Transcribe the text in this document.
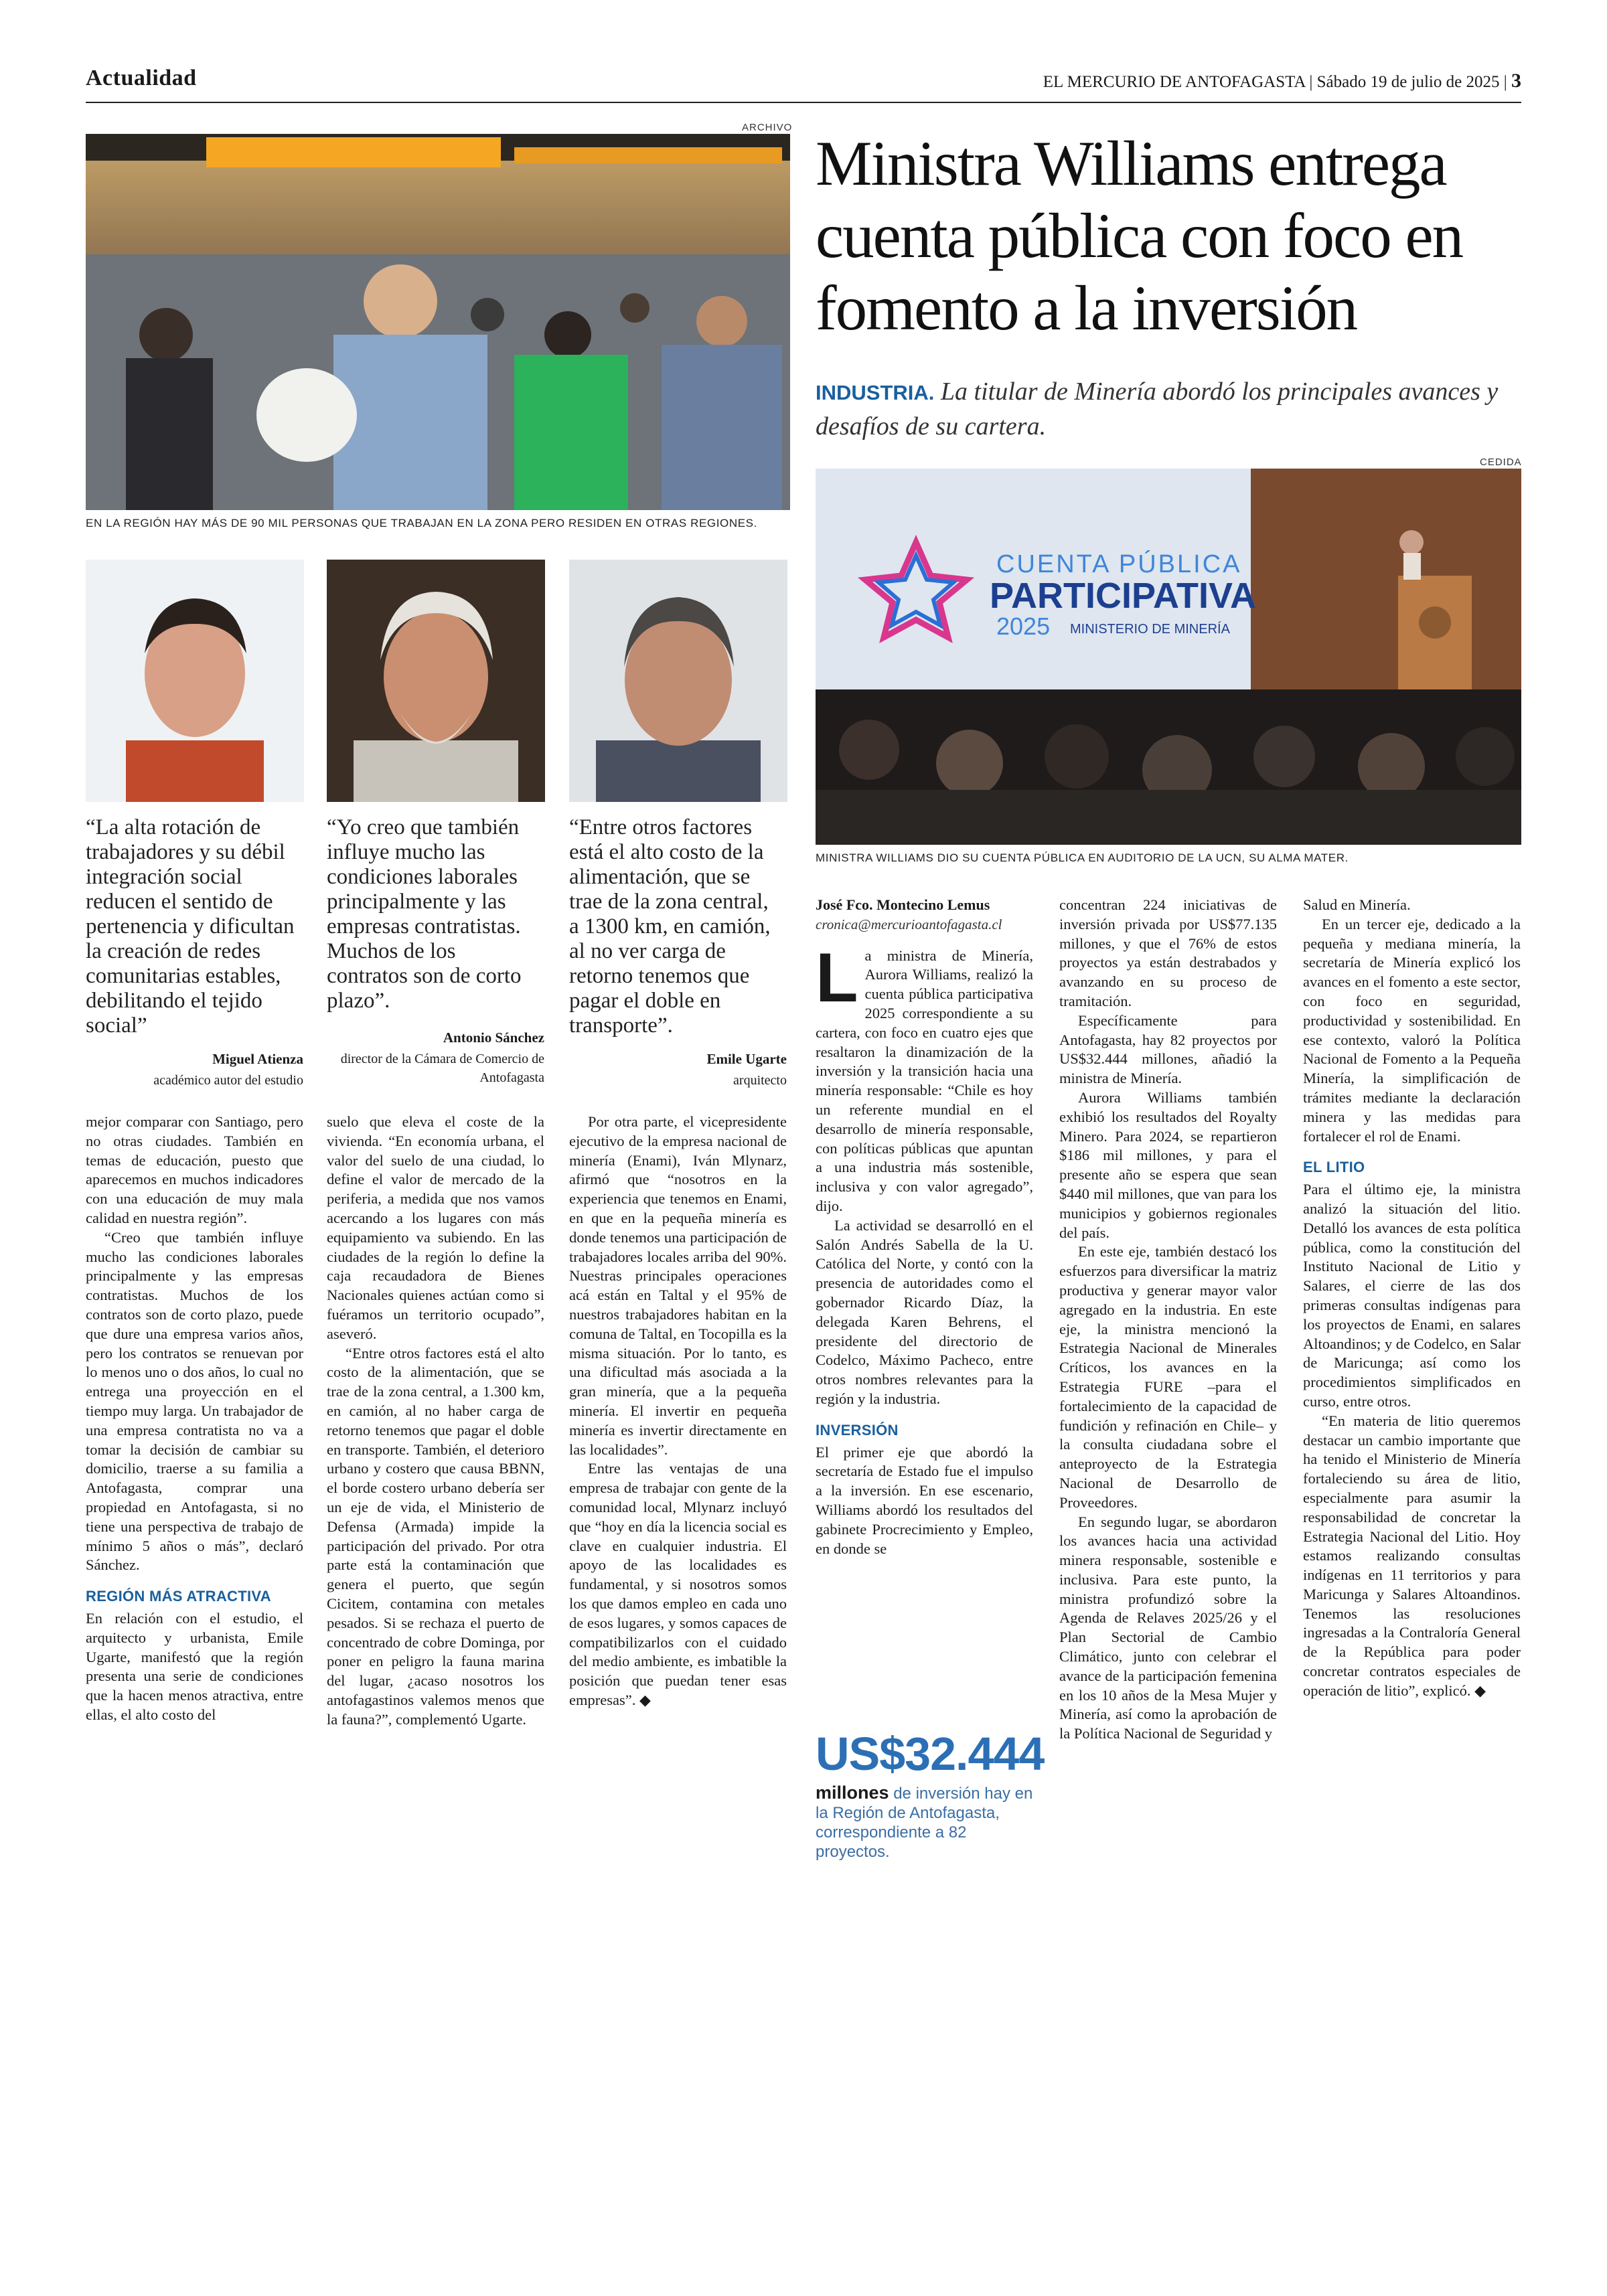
Actualidad	EL MERCURIO DE ANTOFAGASTA | Sábado 19 de julio de 2025 | 3
ARCHIVO
EN LA REGIÓN HAY MÁS DE 90 MIL PERSONAS QUE TRABAJAN EN LA ZONA PERO RESIDEN EN OTRAS REGIONES.
Ministra Williams entrega cuenta pública con foco en fomento a la inversión
INDUSTRIA. La titular de Minería abordó los principales avances y desafíos de su cartera.
CEDIDA
CUENTA PÚBLICA
PARTICIPATIVA
2025 MINISTERIO DE MINERÍA
MINISTRA WILLIAMS DIO SU CUENTA PÚBLICA EN AUDITORIO DE LA UCN, SU ALMA MATER.
“La alta rotación de trabajadores y su débil integración social reducen el sentido de pertenencia y dificultan la creación de redes comunitarias estables, debilitando el tejido social”
Miguel Atienza
académico autor del estudio
“Yo creo que también influye mucho las condiciones laborales principalmente y las empresas contratistas. Muchos de los contratos son de corto plazo”.
Antonio Sánchez
director de la Cámara de Comercio de Antofagasta
“Entre otros factores está el alto costo de la alimentación, que se trae de la zona central, a 1300 km, en camión, al no ver carga de retorno tenemos que pagar el doble en transporte”.
Emile Ugarte
arquitecto

mejor comparar con Santiago, pero no otras ciudades. También en temas de educación, puesto que aparecemos en muchos indicadores con una educación de muy mala calidad en nuestra región”.

“Creo que también influye mucho las condiciones laborales principalmente y las empresas contratistas. Muchos de los contratos son de corto plazo, puede que dure una empresa varios años, pero los contratos se renuevan por lo menos uno o dos años, lo cual no entrega una proyección en el tiempo muy larga. Un trabajador de una empresa contratista no va a tomar la decisión de cambiar su domicilio, traerse a su familia a Antofagasta, comprar una propiedad en Antofagasta, si no tiene una perspectiva de trabajo de mínimo 5 años o más”, declaró Sánchez.

REGIÓN MÁS ATRACTIVA

En relación con el estudio, el arquitecto y urbanista, Emile Ugarte, manifestó que la región presenta una serie de condiciones que la hacen menos atractiva, entre ellas, el alto costo del

suelo que eleva el coste de la vivienda. “En economía urbana, el valor del suelo de una ciudad, lo define el valor de mercado de la periferia, a medida que nos vamos acercando a los lugares con más equipamiento va subiendo. En las ciudades de la región lo define la caja recaudadora de Bienes Nacionales quienes actúan como si fuéramos un territorio ocupado”, aseveró.

“Entre otros factores está el alto costo de la alimentación, que se trae de la zona central, a 1.300 km, en camión, al no haber carga de retorno tenemos que pagar el doble en transporte. También, el deterioro urbano y costero que causa BBNN, el borde costero urbano debería ser un eje de vida, el Ministerio de Defensa (Armada) impide la participación del privado. Por otra parte está la contaminación que genera el puerto, que según Cicitem, contamina con metales pesados. Si se rechaza el puerto de concentrado de cobre Dominga, por poner en peligro la fauna marina del lugar, ¿acaso nosotros los antofagastinos valemos menos que la fauna?”, complementó Ugarte.

Por otra parte, el vicepresidente ejecutivo de la empresa nacional de minería (Enami), Iván Mlynarz, afirmó que “nosotros en la experiencia que tenemos en Enami, en que en la pequeña minería es donde tenemos una participación de trabajadores locales arriba del 90%. Nuestras principales operaciones acá están en Taltal y el 95% de nuestros trabajadores habitan en la comuna de Taltal, en Tocopilla es la misma situación. Por lo tanto, es una dificultad más asociada a la gran minería, que a la pequeña minería. El invertir en pequeña minería es invertir directamente en las localidades”.

Entre las ventajas de una empresa de trabajar con gente de la comunidad local, Mlynarz incluyó que “hoy en día la licencia social es clave en cualquier industria. El apoyo de las localidades es fundamental, y si nosotros somos los que damos empleo en cada uno de esos lugares, y somos capaces de compatibilizarlos con el cuidado del medio ambiente, es imbatible la posición que puedan tener esas empresas”. ◆

José Fco. Montecino Lemus
cronica@mercurioantofagasta.cl

La ministra de Minería, Aurora Williams, realizó la cuenta pública participativa 2025 correspondiente a su cartera, con foco en cuatro ejes que resaltaron la dinamización de la inversión y la transición hacia una minería responsable: “Chile es hoy un referente mundial en el desarrollo de minería responsable, con políticas públicas que apuntan a una industria más sostenible, inclusiva y con valor agregado”, dijo.

La actividad se desarrolló en el Salón Andrés Sabella de la U. Católica del Norte, y contó con la presencia de autoridades como el gobernador Ricardo Díaz, la delegada Karen Behrens, el presidente del directorio de Codelco, Máximo Pacheco, entre otros nombres relevantes para la región y la industria.

INVERSIÓN

El primer eje que abordó la secretaría de Estado fue el impulso a la inversión. En ese escenario, Williams abordó los resultados del gabinete Procrecimiento y Empleo, en donde se

US$32.444
millones de inversión hay en la Región de Antofagasta, correspondiente a 82 proyectos.

concentran 224 iniciativas de inversión privada por US$77.135 millones, y que el 76% de estos proyectos ya están destrabados y avanzando en su proceso de tramitación.

Específicamente para Antofagasta, hay 82 proyectos por US$32.444 millones, añadió la ministra de Minería.

Aurora Williams también exhibió los resultados del Royalty Minero. Para 2024, se repartieron $186 mil millones, y para el presente año se espera que sean $440 mil millones, que van para los municipios y gobiernos regionales del país.

En este eje, también destacó los esfuerzos para diversificar la matriz productiva y generar mayor valor agregado en la industria. En este eje, la ministra mencionó la Estrategia Nacional de Minerales Críticos, los avances en la Estrategia FURE –para el fortalecimiento de la capacidad de fundición y refinación en Chile– y la consulta ciudadana sobre el anteproyecto de la Estrategia Nacional de Desarrollo de Proveedores.

En segundo lugar, se abordaron los avances hacia una actividad minera responsable, sostenible e inclusiva. Para este punto, la ministra profundizó sobre la Agenda de Relaves 2025/26 y el Plan Sectorial de Cambio Climático, junto con celebrar el avance de la participación femenina en los 10 años de la Mesa Mujer y Minería, así como la aprobación de la Política Nacional de Seguridad y

Salud en Minería.

En un tercer eje, dedicado a la pequeña y mediana minería, la secretaría de Minería explicó los avances en el fomento a este sector, con foco en seguridad, productividad y sostenibilidad. En ese contexto, valoró la Política Nacional de Fomento a la Pequeña Minería, la simplificación de trámites mediante la declaración minera y las medidas para fortalecer el rol de Enami.

EL LITIO

Para el último eje, la ministra analizó la situación del litio. Detalló los avances de esta política pública, como la constitución del Instituto Nacional de Litio y Salares, el cierre de las dos primeras consultas indígenas para los proyectos de Enami, en salares Altoandinos; y de Codelco, en Salar de Maricunga; así como los procedimientos simplificados en curso, entre otros.

“En materia de litio queremos destacar un cambio importante que ha tenido el Ministerio de Minería fortaleciendo su área de litio, especialmente para asumir la responsabilidad de concretar la Estrategia Nacional del Litio. Hoy estamos realizando consultas indígenas en 11 territorios y para Maricunga y Salares Altoandinos. Tenemos las resoluciones ingresadas a la Contraloría General de la República para poder concretar contratos especiales de operación de litio”, explicó. ◆
